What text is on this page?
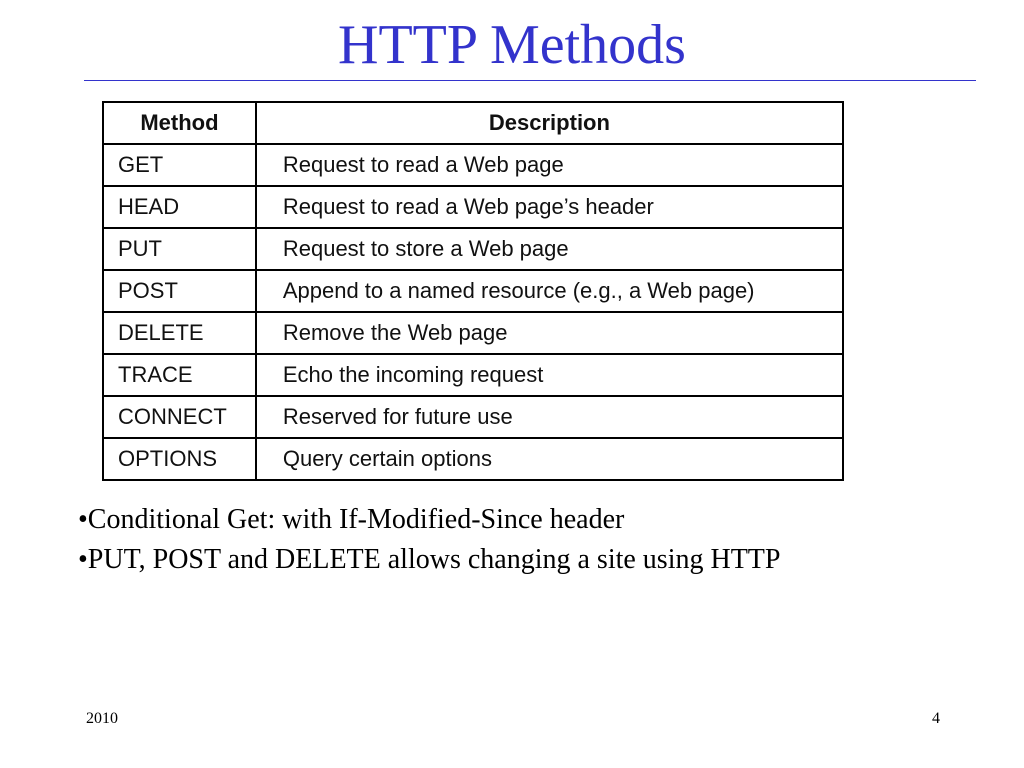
HTTP Methods
Method	Description
GET	Request to read a Web page
HEAD	Request to read a Web page’s header
PUT	Request to store a Web page
POST	Append to a named resource (e.g., a Web page)
DELETE	Remove the Web page
TRACE	Echo the incoming request
CONNECT	Reserved for future use
OPTIONS	Query certain options
•Conditional Get: with If-Modified-Since header
•PUT, POST and DELETE allows changing a site using HTTP
2010	4
